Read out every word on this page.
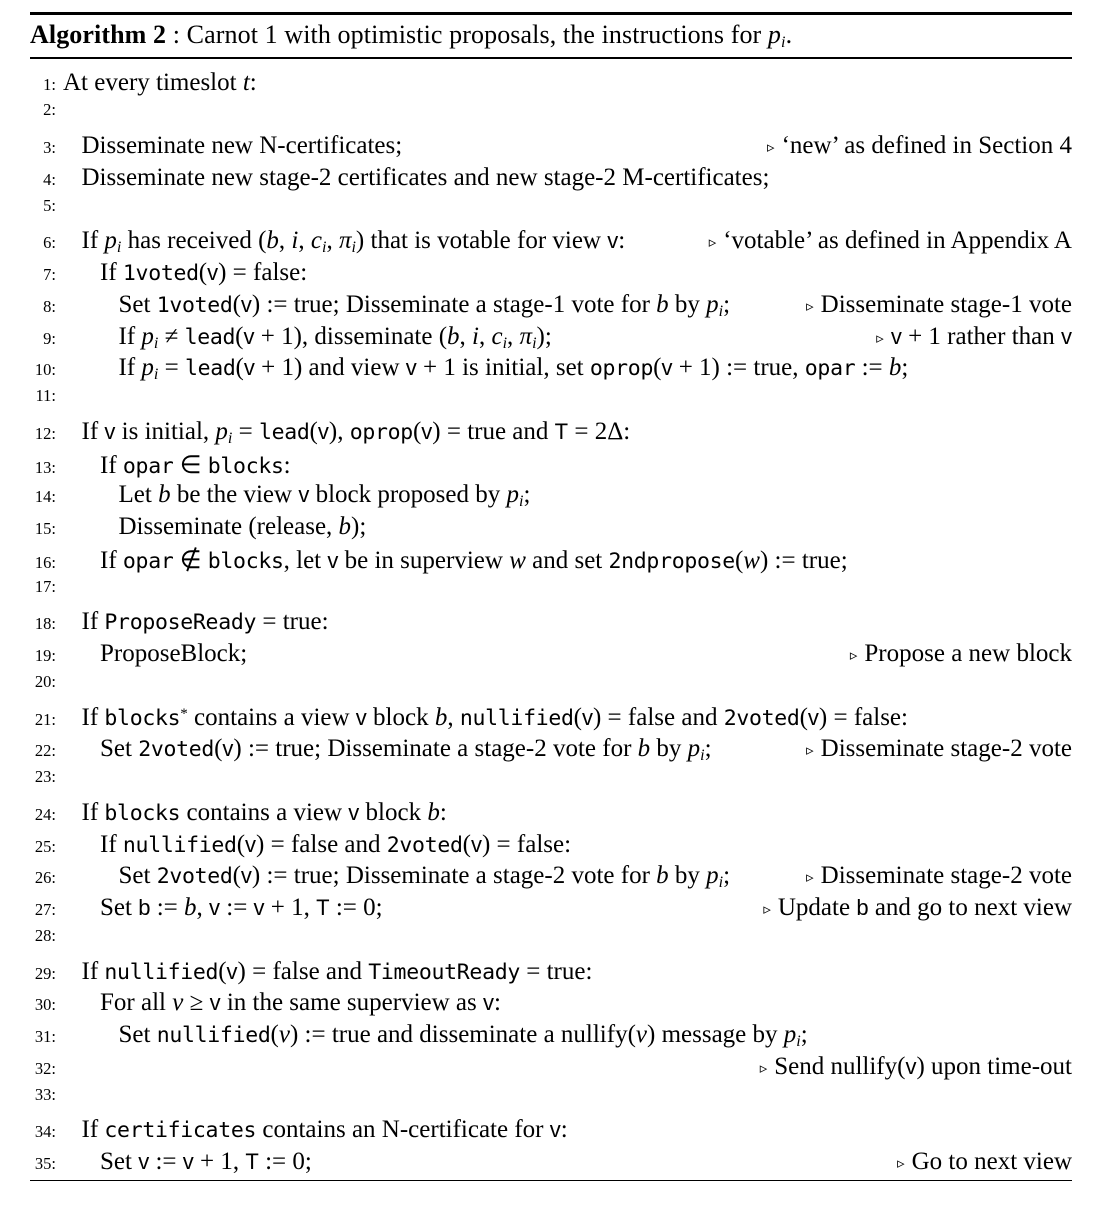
Algorithm 2 : Carnot 1 with optimistic proposals, the instructions for pi.
1: At every timeslot t:
2:
3: Disseminate new N-certificates;	▹ ‘new’ as defined in Section 4
4: Disseminate new stage-2 certificates and new stage-2 M-certificates;
5:
6: If pi has received (b, i, ci, πi) that is votable for view v:	▹ ‘votable’ as defined in Appendix A
7: If 1voted(v) = false:
8:	Set 1voted(v) := true; Disseminate a stage-1 vote for b by pi;	▹ Disseminate stage-1 vote
9:	If pi ≠ lead(v + 1), disseminate (b, i, ci, πi);	▹ v + 1 rather than v
10:	If pi = lead(v + 1) and view v + 1 is initial, set oprop(v + 1) := true, opar := b;
11:
12: If v is initial, pi = lead(v), oprop(v) = true and T = 2Δ:
13: If opar ∈ blocks:
14:	Let b be the view v block proposed by pi;
15:	Disseminate (release, b);
16: If opar ∉ blocks, let v be in superview w and set 2ndpropose(w) := true;
17:
18: If ProposeReady = true:
19: ProposeBlock;	▹ Propose a new block
20:
21: If blocks* contains a view v block b, nullified(v) = false and 2voted(v) = false:
22: Set 2voted(v) := true; Disseminate a stage-2 vote for b by pi;	▹ Disseminate stage-2 vote
23:
24: If blocks contains a view v block b:
25: If nullified(v) = false and 2voted(v) = false:
26:	Set 2voted(v) := true; Disseminate a stage-2 vote for b by pi;	▹ Disseminate stage-2 vote
27: Set b := b, v := v + 1, T := 0;	▹ Update b and go to next view
28:
29: If nullified(v) = false and TimeoutReady = true:
30: For all v ≥ v in the same superview as v:
31:	Set nullified(v) := true and disseminate a nullify(v) message by pi;
32:	▹ Send nullify(v) upon time-out
33:
34: If certificates contains an N-certificate for v:
35: Set v := v + 1, T := 0;	▹ Go to next view
